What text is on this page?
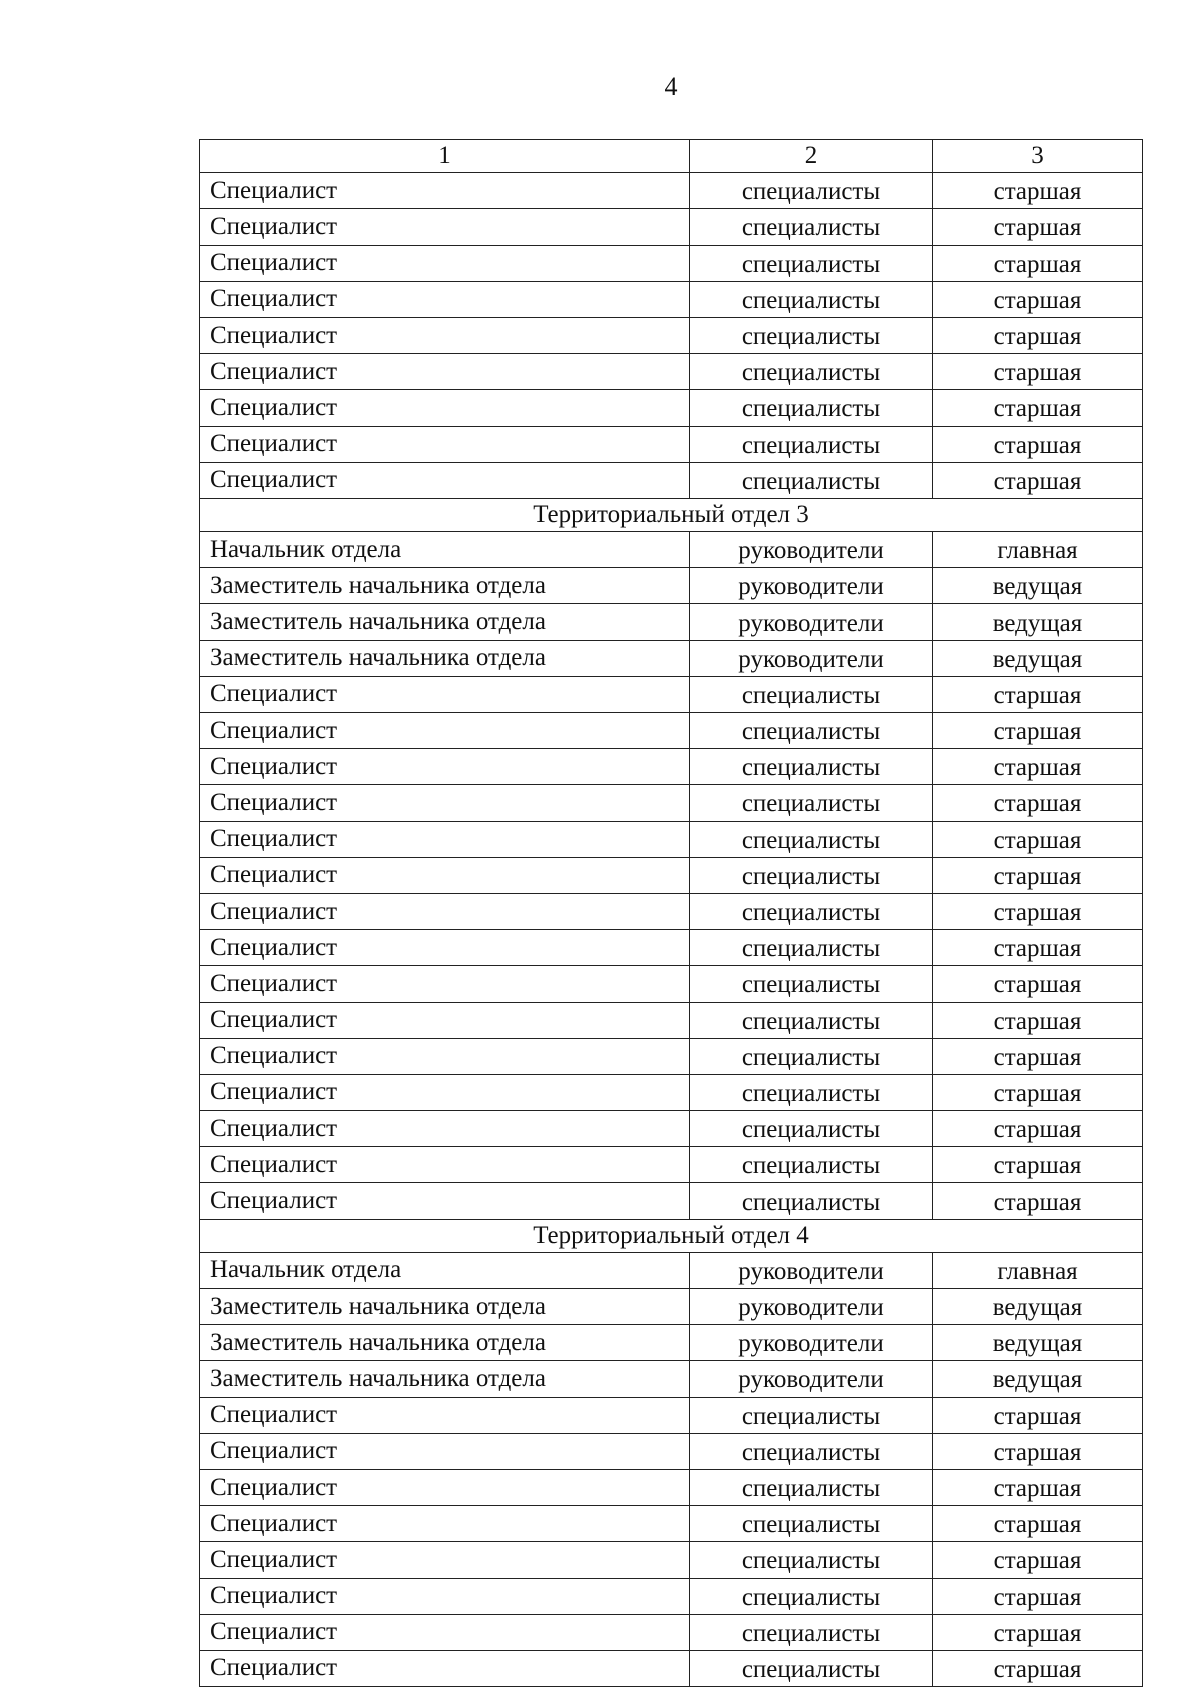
4
1	2	3
Специалист	специалисты	старшая
Специалист	специалисты	старшая
Специалист	специалисты	старшая
Специалист	специалисты	старшая
Специалист	специалисты	старшая
Специалист	специалисты	старшая
Специалист	специалисты	старшая
Специалист	специалисты	старшая
Специалист	специалисты	старшая
Территориальный отдел 3		
Начальник отдела	руководители	главная
Заместитель начальника отдела	руководители	ведущая
Заместитель начальника отдела	руководители	ведущая
Заместитель начальника отдела	руководители	ведущая
Специалист	специалисты	старшая
Специалист	специалисты	старшая
Специалист	специалисты	старшая
Специалист	специалисты	старшая
Специалист	специалисты	старшая
Специалист	специалисты	старшая
Специалист	специалисты	старшая
Специалист	специалисты	старшая
Специалист	специалисты	старшая
Специалист	специалисты	старшая
Специалист	специалисты	старшая
Специалист	специалисты	старшая
Специалист	специалисты	старшая
Специалист	специалисты	старшая
Специалист	специалисты	старшая
Территориальный отдел 4		
Начальник отдела	руководители	главная
Заместитель начальника отдела	руководители	ведущая
Заместитель начальника отдела	руководители	ведущая
Заместитель начальника отдела	руководители	ведущая
Специалист	специалисты	старшая
Специалист	специалисты	старшая
Специалист	специалисты	старшая
Специалист	специалисты	старшая
Специалист	специалисты	старшая
Специалист	специалисты	старшая
Специалист	специалисты	старшая
Специалист	специалисты	старшая
